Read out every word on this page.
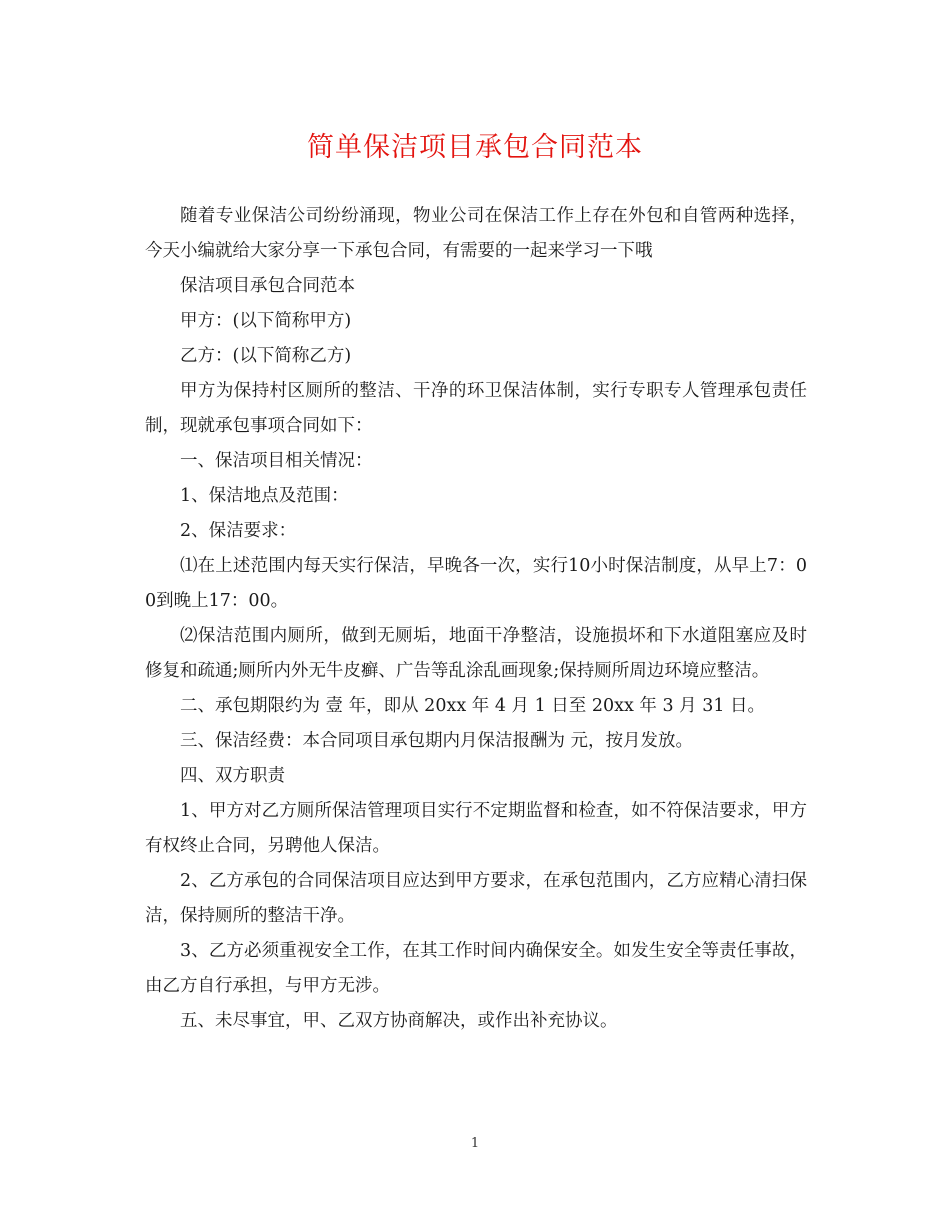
简单保洁项目承包合同范本

随着专业保洁公司纷纷涌现，物业公司在保洁工作上存在外包和自管两种选择，今天小编就给大家分享一下承包合同，有需要的一起来学习一下哦

保洁项目承包合同范本

甲方：(以下简称甲方)

乙方：(以下简称乙方)

甲方为保持村区厕所的整洁、干净的环卫保洁体制，实行专职专人管理承包责任制，现就承包事项合同如下：

一、保洁项目相关情况：

1、保洁地点及范围：

2、保洁要求：

⑴在上述范围内每天实行保洁，早晚各一次，实行10小时保洁制度，从早上7：00到晚上17：00。

⑵保洁范围内厕所，做到无厕垢，地面干净整洁，设施损坏和下水道阻塞应及时修复和疏通;厕所内外无牛皮癣、广告等乱涂乱画现象;保持厕所周边环境应整洁。

二、承包期限约为 壹 年，即从 20xx 年 4 月 1 日至 20xx 年 3 月 31 日。

三、保洁经费：本合同项目承包期内月保洁报酬为 元，按月发放。

四、双方职责

1、甲方对乙方厕所保洁管理项目实行不定期监督和检查，如不符保洁要求，甲方有权终止合同，另聘他人保洁。

2、乙方承包的合同保洁项目应达到甲方要求，在承包范围内，乙方应精心清扫保洁，保持厕所的整洁干净。

3、乙方必须重视安全工作，在其工作时间内确保安全。如发生安全等责任事故，由乙方自行承担，与甲方无涉。

五、未尽事宜，甲、乙双方协商解决，或作出补充协议。

1
